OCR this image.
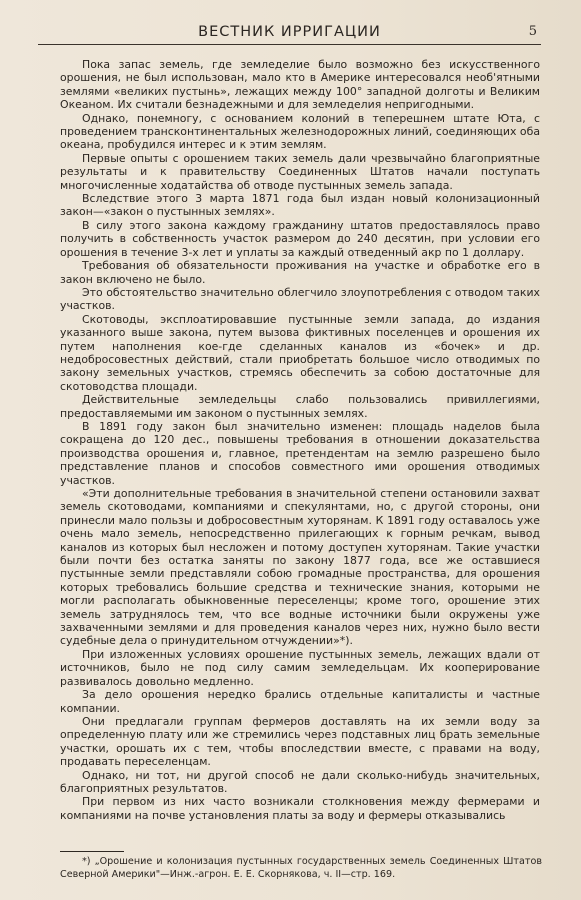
ВЕСТНИК ИРРИГАЦИИ	5

Пока запас земель, где земледелие было возможно без искусственного орошения, не был использован, мало кто в Америке интересовался необ'ятными землями «великих пустынь», лежащих между 100° западной долготы и Великим Океаном. Их считали безнадежными и для земледелия непригодными.

Однако, понемногу, с основанием колоний в теперешнем штате Юта, с проведением трансконтинентальных железнодорожных линий, соединяющих оба океана, пробудился интерес и к этим землям.

Первые опыты с орошением таких земель дали чрезвычайно благоприятные результаты и к правительству Соединенных Штатов начали поступать многочисленные ходатайства об отводе пустынных земель запада.

Вследствие этого 3 марта 1871 года был издан новый колонизационный закон—«закон о пустынных землях».

В силу этого закона каждому гражданину штатов предоставлялось право получить в собственность участок размером до 240 десятин, при условии его орошения в течение 3-х лет и уплаты за каждый отведенный акр по 1 доллару.

Требования об обязательности проживания на участке и обработке его в закон включено не было.

Это обстоятельство значительно облегчило злоупотребления с отводом таких участков.

Скотоводы, эксплоатировавшие пустынные земли запада, до издания указанного выше закона, путем вызова фиктивных поселенцев и орошения их путем наполнения кое-где сделанных каналов из «бочек» и др. недобросовестных действий, стали приобретать большое число отводимых по закону земельных участков, стремясь обеспечить за собою достаточные для скотоводства площади.

Действительные земледельцы слабо пользовались привиллегиями, предоставляемыми им законом о пустынных землях.

В 1891 году закон был значительно изменен: площадь наделов была сокращена до 120 дес., повышены требования в отношении доказательства производства орошения и, главное, претендентам на землю разрешено было представление планов и способов совместного ими орошения отводимых участков.

«Эти дополнительные требования в значительной степени остановили захват земель скотоводами, компаниями и спекулянтами, но, с другой стороны, они принесли мало пользы и добросовестным хуторянам. К 1891 году оставалось уже очень мало земель, непосредственно прилегающих к горным речкам, вывод каналов из которых был несложен и потому доступен хуторянам. Такие участки были почти без остатка заняты по закону 1877 года, все же оставшиеся пустынные земли представляли собою громадные пространства, для орошения которых требовались большие средства и технические знания, которыми не могли располагать обыкновенные переселенцы; кроме того, орошение этих земель затруднялось тем, что все водные источники были окружены уже захваченными землями и для проведения каналов через них, нужно было вести судебные дела о принудительном отчуждении»*).

При изложенных условиях орошение пустынных земель, лежащих вдали от источников, было не под силу самим земледельцам. Их кооперирование развивалось довольно медленно.

За дело орошения нередко брались отдельные капиталисты и частные компании.

Они предлагали группам фермеров доставлять на их земли воду за определенную плату или же стремились через подставных лиц брать земельные участки, орошать их с тем, чтобы впоследствии вместе, с правами на воду, продавать переселенцам.

Однако, ни тот, ни другой способ не дали сколько-нибудь значительных, благоприятных результатов.

При первом из них часто возникали столкновения между фермерами и компаниями на почве установления платы за воду и фермеры отказывались

*) „Орошение и колонизация пустынных государственных земель Соединенных Штатов Северной Америки"—Инж.-агрон. Е. Е. Скорнякова, ч. II—стр. 169.
